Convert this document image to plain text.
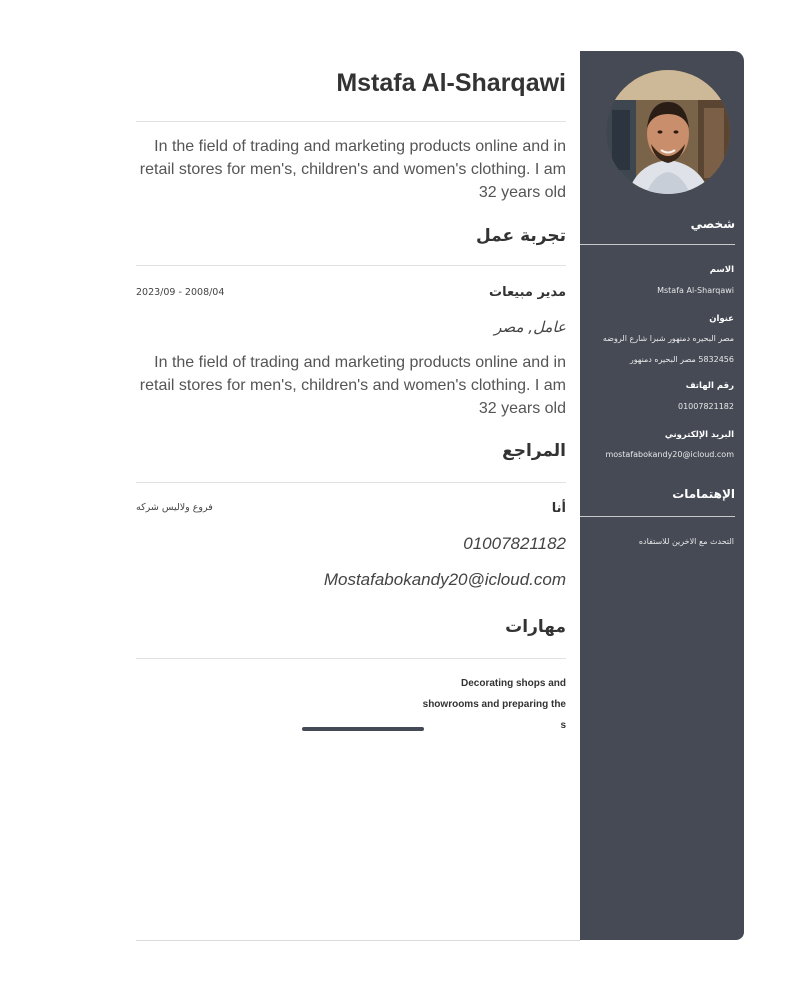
Mstafa Al-Sharqawi

In the field of trading and marketing products online and in retail stores for men's, children's and women's clothing. I am 32 years old

تجربة عمل
مدير مبيعات
2023/09 - 2008/04
عامل, مصر

In the field of trading and marketing products online and in retail stores for men's, children's and women's clothing. I am 32 years old

المراجع
أنا
فروع ولاليس شركه
01007821182
Mostafabokandy20@icloud.com
مهارات

Decorating shops and showrooms and preparing the s

شخصي
الاسم
Mstafa Al-Sharqawi
عنوان
مصر البحيره دمنهور شبرا شارع الروضه
5832456 مصر البحيره دمنهور
رقم الهاتف
01007821182
البريد الإلكتروني
mostafabokandy20@icloud.com
الإهتمامات
التحدث مع الاخرين للاستفاده
